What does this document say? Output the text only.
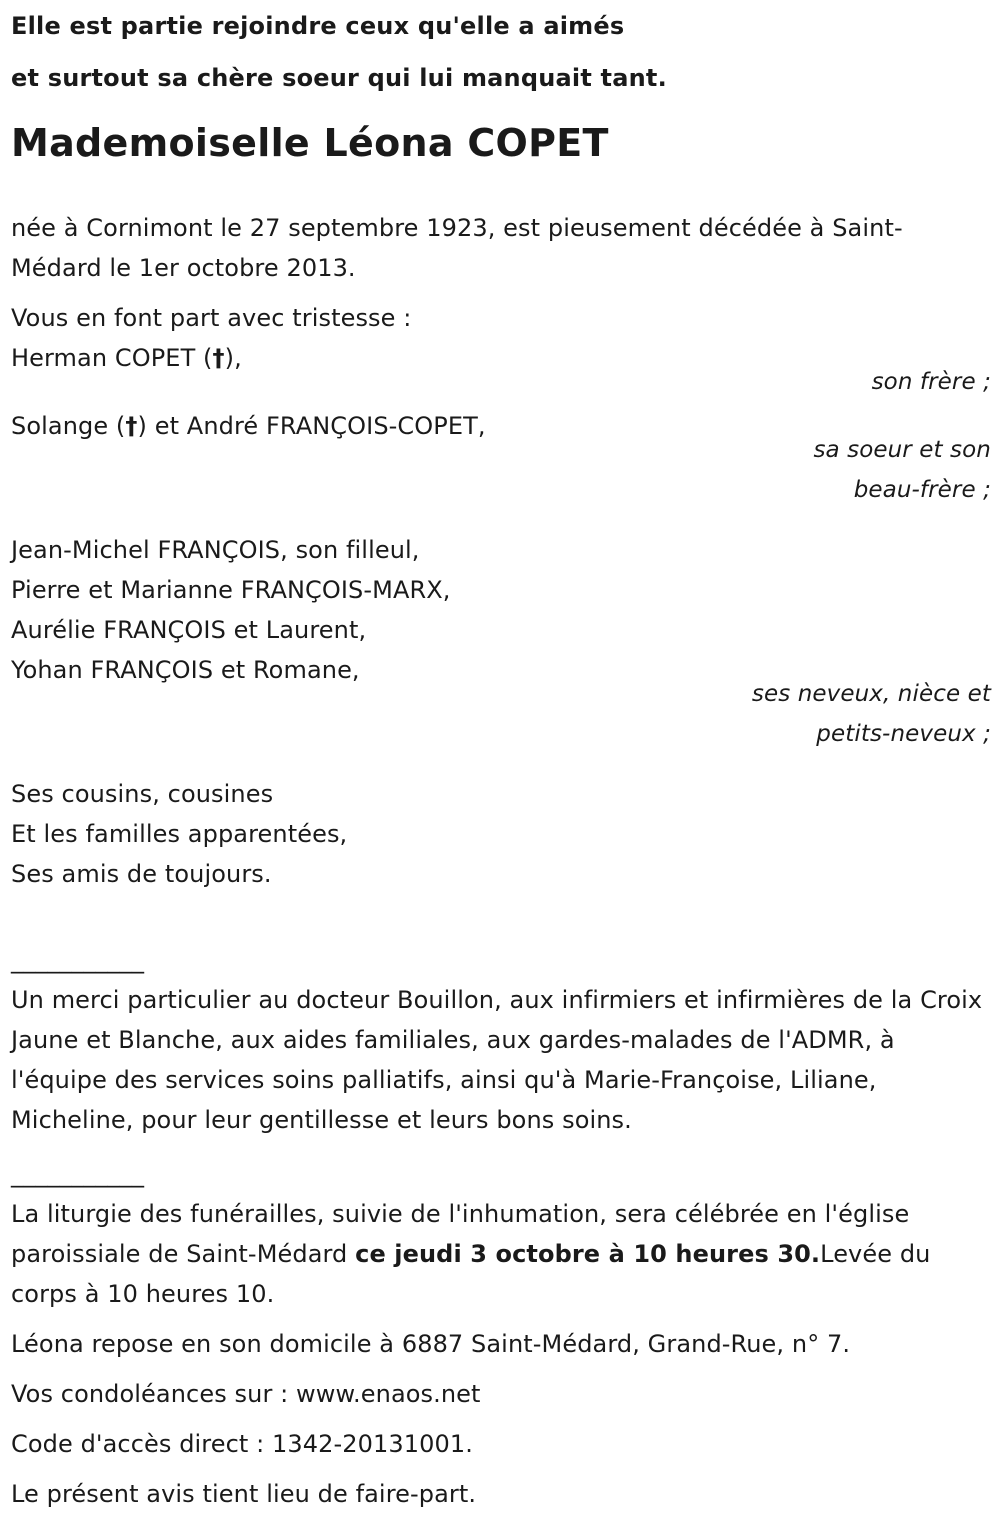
Elle est partie rejoindre ceux qu'elle a aimés

et surtout sa chère soeur qui lui manquait tant.

Mademoiselle Léona COPET

née à Cornimont le 27 septembre 1923, est pieusement décédée à Saint-Médard le 1er octobre 2013.

Vous en font part avec tristesse :

Herman COPET (†),

son frère ;

Solange (†) et André FRANÇOIS-COPET,

sa soeur et son
beau-frère ;

Jean-Michel FRANÇOIS, son filleul,

Pierre et Marianne FRANÇOIS-MARX,

Aurélie FRANÇOIS et Laurent,

Yohan FRANÇOIS et Romane,

ses neveux, nièce et
petits-neveux ;

Ses cousins, cousines

Et les familles apparentées,

Ses amis de toujours.

___________

Un merci particulier au docteur Bouillon, aux infirmiers et infirmières de la Croix Jaune et Blanche, aux aides familiales, aux gardes-malades de l'ADMR, à l'équipe des services soins palliatifs, ainsi qu'à Marie-Françoise, Liliane, Micheline, pour leur gentillesse et leurs bons soins.

___________

La liturgie des funérailles, suivie de l'inhumation, sera célébrée en l'église paroissiale de Saint-Médard ce jeudi 3 octobre à 10 heures 30.Levée du corps à 10 heures 10.

Léona repose en son domicile à 6887 Saint-Médard, Grand-Rue, n° 7.

Vos condoléances sur : www.enaos.net

Code d'accès direct : 1342-20131001.

Le présent avis tient lieu de faire-part.
